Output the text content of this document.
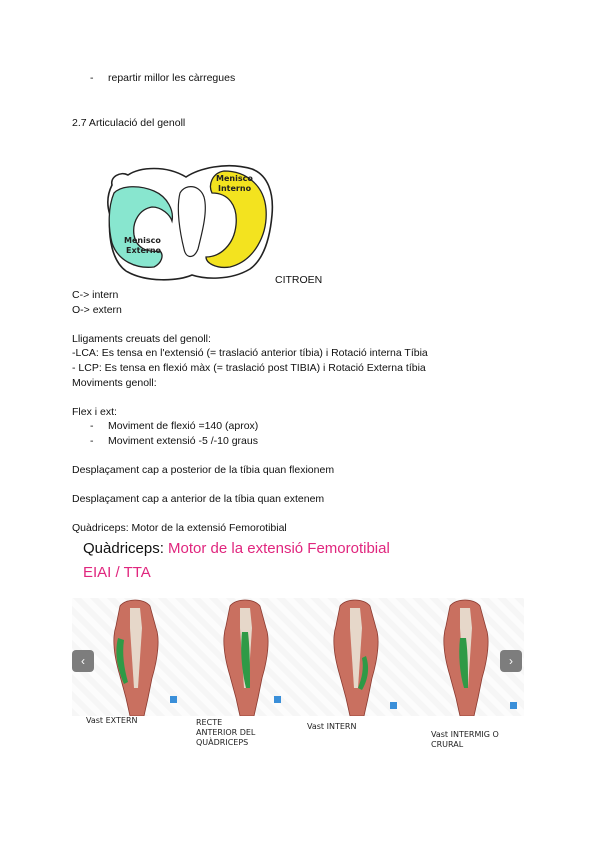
- repartir millor les càrregues
2.7 Articulació del genoll
Menisco Externo
Menisco Interno
CITROEN
C-> intern
O-> extern
Lligaments creuats del genoll:
-LCA: Es tensa en l'extensió (= traslació anterior tíbia) i Rotació interna Tíbia
- LCP: Es tensa en flexió màx (= traslació post TIBIA) i Rotació Externa tíbia
Moviments genoll:
Flex i ext:
- Moviment de flexió =140 (aprox)
- Moviment extensió -5 /-10 graus
Desplaçament cap a posterior de la tíbia quan flexionem
Desplaçament cap a anterior de la tíbia quan extenem
Quàdriceps: Motor de la extensió Femorotibial
Quàdriceps: Motor de la extensió Femorotibial
EIAI / TTA
‹	›
Vast EXTERN	RECTE
ANTERIOR DEL
QUÀDRICEPS
Vast INTERN
Vast INTERMIG O
CRURAL
